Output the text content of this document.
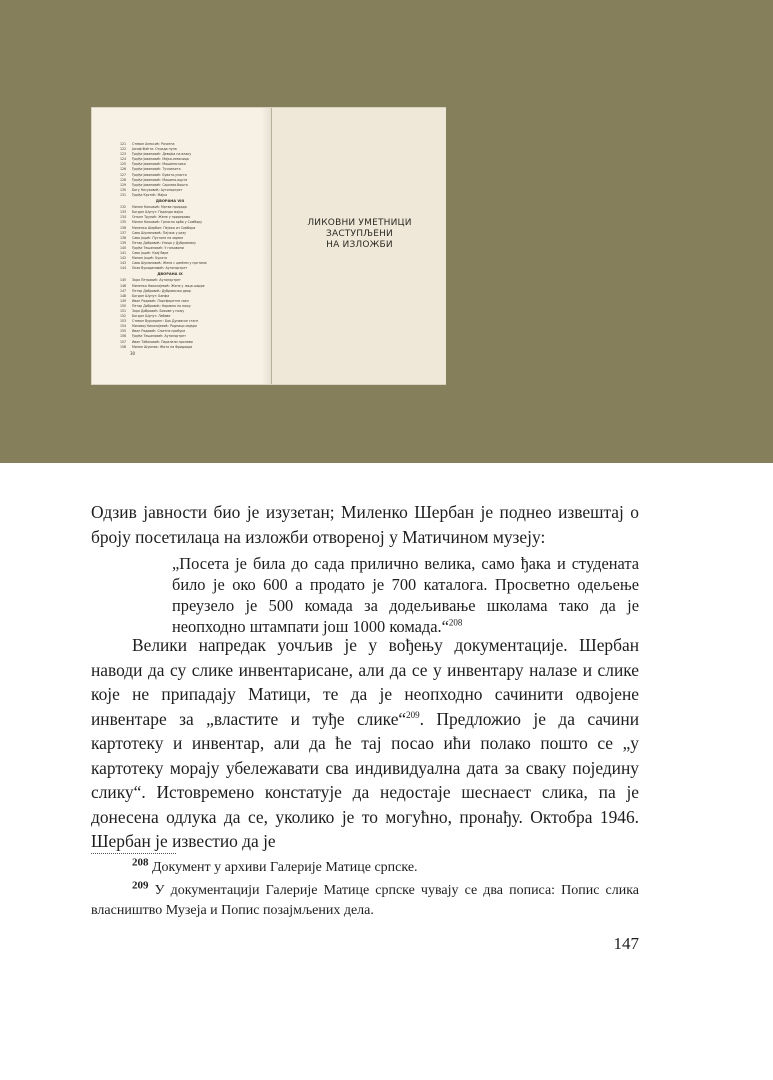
121 Стеван Алексић: Разигна
122 Јосиф Фаћто: Отрада пуна
123 Ђорђе Јовановић: Девојка на влаку
124 Ђорђе Јовановић: Мајка-певачица
125 Ђорђе Јовановић: Машинеслика
126 Ђорђе Јовановић: Тузлиљета
127 Ђорђе Јовановић: Бувата-уласти
128 Ђорђе Јовановић: Машина-оцрта
129 Ђорђе Јовановић: Сарсева-башта
130 Богу Несуковић: Аутопортрет
131 Ђорђе Крстић: Мајка
ДВОРАНА VIII
132 Милан Коњовић: Мртва природа
133 Богдан Шупут: Паранда мајка
134 Огњен Трупић: Жене у прирерама
135 Милан Коњовић: Грнасно арба у Сомбору
136 Миленко Шербан: Пејзаж из Сомбора
137 Сава Шумановић: Пејзаж у разу
138 Сава Јоцић: Пустоне на хврмм
139 Петар Добровић: Улица у Дубровнику
140 Ђорђе Тешановић: У гоњавини
141 Сава Јоцић: Крај баре
142 Милан Јоцић: Буката
143 Сава Шумановић: Жена с цвећем у прстима
144 Лиза Вукадиновић: Аутопортрет
ДВОРАНА IX
145 Зора Петровић: Аутопортрет
146 Миленко Николајевић: Жене у лица шарре
147 Петар Добровић: Дубровачки двор
148 Богдан Шупут: Банфа
149 Иван Радовић: Портфоретне свел
150 Петар Добровић: Наравно на пољу
151 Зора Добровић: Бикове у пољу
152 Богдан Шупут: Лабаве
153 Стеван Вуркеринг: Бок Дунавске стаге
154 Миливој Николајевић: Радници мајари
155 Иван Радовић: Сњетне пробуке
156 Ђорђе Тешановић: Аутопортрет
157 Иван Табаковић: Паралели проливи
158 Милан Шумник: Жита на Фридоори
30
ЛИКОВНИ УМЕТНИЦИ
ЗАСТУПЉЕНИ
НА ИЗЛОЖБИ

Одзив јавности био је изузетан; Миленко Шербан је поднео извештај о броју посетилаца на изложби отвореној у Матичином музеју:

„Посета је била до сада прилично велика, само ђака и студената било је око 600 а продато је 700 каталога. Просветно одељење преузело је 500 комада за додељивање школама тако да је неопходно штампати још 1000 комада.“$^{208}$

Велики напредак уочљив је у вођењу документације. Шербан наводи да су слике инвентарисане, али да се у инвентару налазе и слике које не припадају Матици, те да је неопходно сачинити одвојене инвентаре за „властите и туђе слике“$^{209}$. Предложио је да сачини картотеку и инвентар, али да ће тај посао ићи полако пошто се „у картотеку морају убележавати сва индивидуална дата за сваку поједину слику“. Истовремено констатује да недостаје шеснаест слика, па је донесена одлука да се, уколико је то могућно, пронађу. Октобра 1946. Шербан је известио да је

$^{208}$ Документ у архиви Галерије Матице српске.

$^{209}$ У документацији Галерије Матице српске чувају се два пописа: Попис слика власништво Музеја и Попис позајмљених дела.

147
